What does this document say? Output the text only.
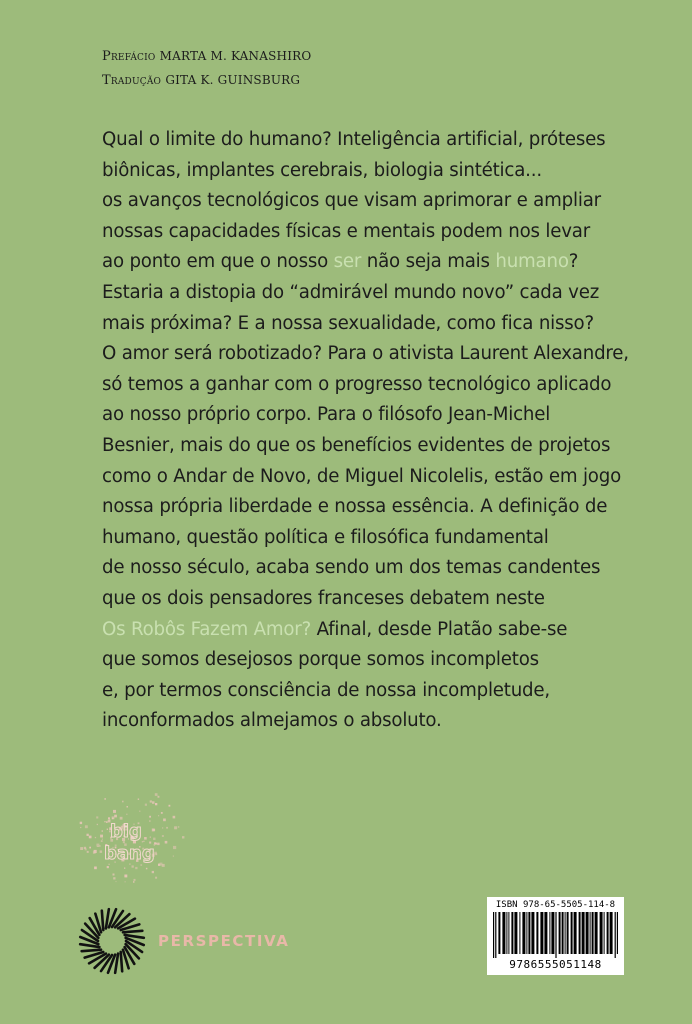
Prefácio MARTA M. KANASHIRO
Tradução GITA K. GUINSBURG
Qual o limite do humano? Inteligência artificial, próteses
biônicas, implantes cerebrais, biologia sintética...
os avanços tecnológicos que visam aprimorar e ampliar
nossas capacidades físicas e mentais podem nos levar
ao ponto em que o nosso ser não seja mais humano?
Estaria a distopia do “admirável mundo novo” cada vez
mais próxima? E a nossa sexualidade, como fica nisso?
O amor será robotizado? Para o ativista Laurent Alexandre,
só temos a ganhar com o progresso tecnológico aplicado
ao nosso próprio corpo. Para o filósofo Jean-Michel
Besnier, mais do que os benefícios evidentes de projetos
como o Andar de Novo, de Miguel Nicolelis, estão em jogo
nossa própria liberdade e nossa essência. A definição de
humano, questão política e filosófica fundamental
de nosso século, acaba sendo um dos temas candentes
que os dois pensadores franceses debatem neste
Os Robôs Fazem Amor? Afinal, desde Platão sabe-se
que somos desejosos porque somos incompletos
e, por termos consciência de nossa incompletude,
inconformados almejamos o absoluto.
big
bang
PERSPECTIVA
ISBN 978-65-5505-114-8
9786555051148
